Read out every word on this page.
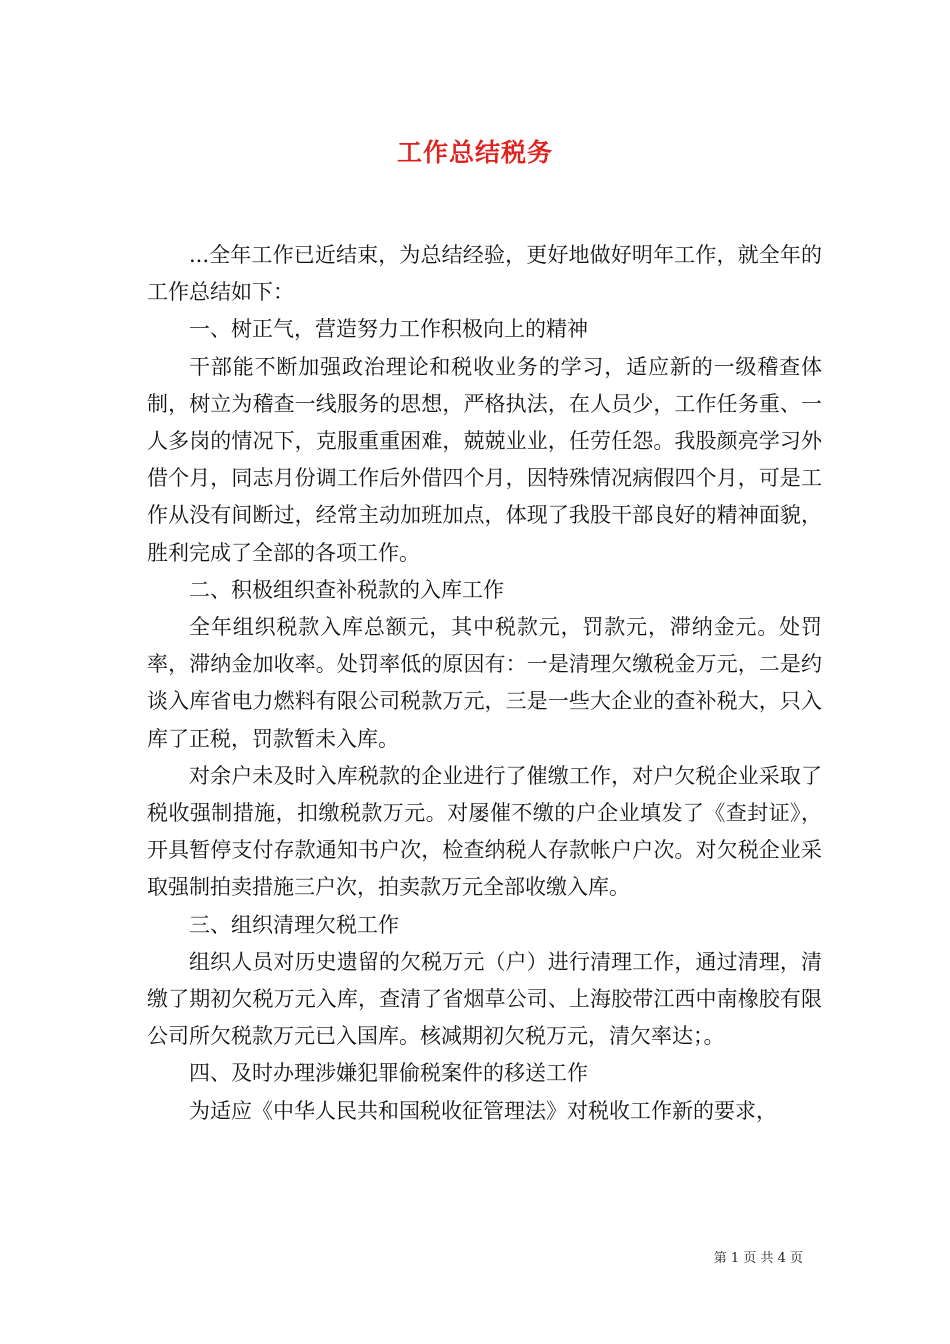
工作总结税务

...全年工作已近结束，为总结经验，更好地做好明年工作，就全年的工作总结如下：

一、树正气，营造努力工作积极向上的精神

干部能不断加强政治理论和税收业务的学习，适应新的一级稽查体制，树立为稽查一线服务的思想，严格执法，在人员少，工作任务重、一人多岗的情况下，克服重重困难，兢兢业业，任劳任怨。我股颜亮学习外借个月，同志月份调工作后外借四个月，因特殊情况病假四个月，可是工作从没有间断过，经常主动加班加点，体现了我股干部良好的精神面貌，胜利完成了全部的各项工作。

二、积极组织查补税款的入库工作

全年组织税款入库总额元，其中税款元，罚款元，滞纳金元。处罚率，滞纳金加收率。处罚率低的原因有：一是清理欠缴税金万元，二是约谈入库省电力燃料有限公司税款万元，三是一些大企业的查补税大，只入库了正税，罚款暂未入库。

对余户未及时入库税款的企业进行了催缴工作，对户欠税企业采取了税收强制措施，扣缴税款万元。对屡催不缴的户企业填发了《查封证》，开具暂停支付存款通知书户次，检查纳税人存款帐户户次。对欠税企业采取强制拍卖措施三户次，拍卖款万元全部收缴入库。

三、组织清理欠税工作

组织人员对历史遗留的欠税万元（户）进行清理工作，通过清理，清缴了期初欠税万元入库，查清了省烟草公司、上海胶带江西中南橡胶有限公司所欠税款万元已入国库。核减期初欠税万元，清欠率达；。

四、及时办理涉嫌犯罪偷税案件的移送工作

为适应《中华人民共和国税收征管理法》对税收工作新的要求，

第 1 页 共 4 页
